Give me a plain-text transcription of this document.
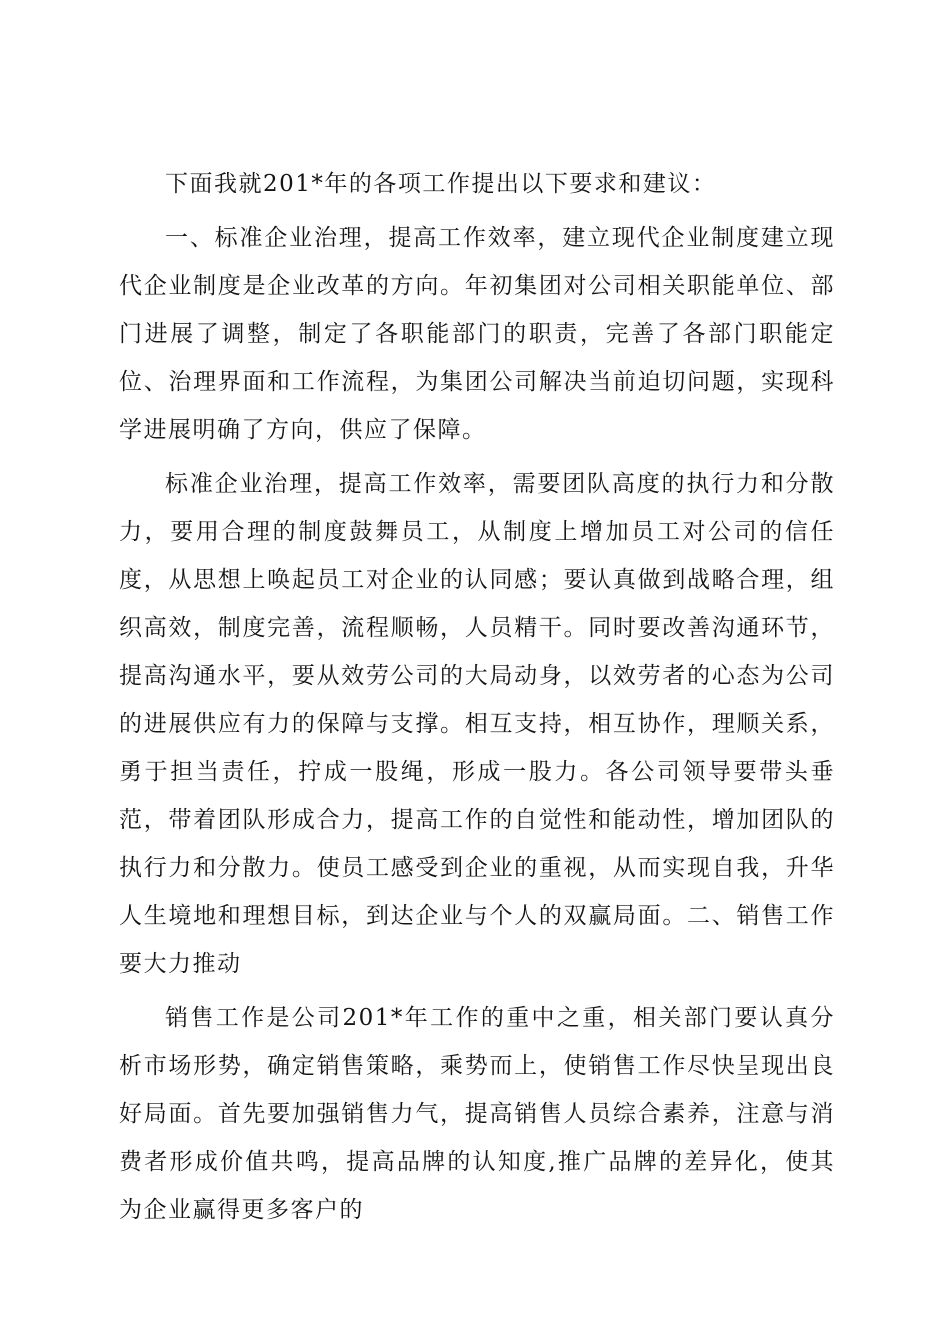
下面我就201*年的各项工作提出以下要求和建议：

一、标准企业治理，提高工作效率，建立现代企业制度建立现代企业制度是企业改革的方向。年初集团对公司相关职能单位、部门进展了调整，制定了各职能部门的职责，完善了各部门职能定位、治理界面和工作流程，为集团公司解决当前迫切问题，实现科学进展明确了方向，供应了保障。

标准企业治理，提高工作效率，需要团队高度的执行力和分散力，要用合理的制度鼓舞员工，从制度上增加员工对公司的信任度，从思想上唤起员工对企业的认同感；要认真做到战略合理，组织高效，制度完善，流程顺畅，人员精干。同时要改善沟通环节，提高沟通水平，要从效劳公司的大局动身，以效劳者的心态为公司的进展供应有力的保障与支撑。相互支持，相互协作，理顺关系，勇于担当责任，拧成一股绳，形成一股力。各公司领导要带头垂范，带着团队形成合力，提高工作的自觉性和能动性，增加团队的执行力和分散力。使员工感受到企业的重视，从而实现自我，升华人生境地和理想目标，到达企业与个人的双赢局面。二、销售工作要大力推动

销售工作是公司201*年工作的重中之重，相关部门要认真分析市场形势，确定销售策略，乘势而上，使销售工作尽快呈现出良好局面。首先要加强销售力气，提高销售人员综合素养，注意与消费者形成价值共鸣，提高品牌的认知度,推广品牌的差异化，使其为企业赢得更多客户的
